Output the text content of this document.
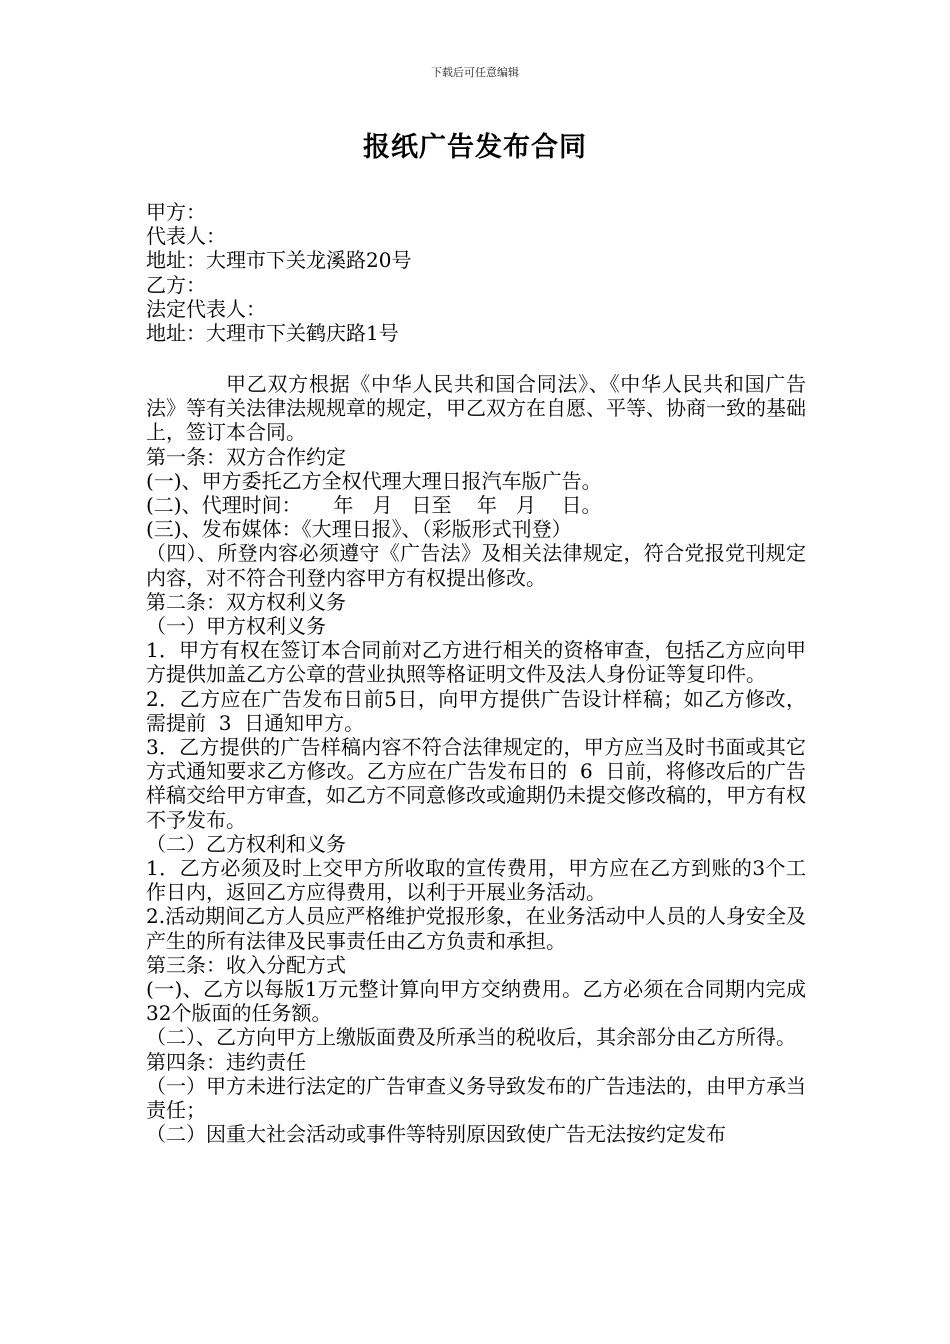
下载后可任意编辑
报纸广告发布合同

甲方：

代表人：

地址：大理市下关龙溪路20号

乙方：

法定代表人：

地址：大理市下关鹤庆路1号

甲乙双方根据《中华人民共和国合同法》、《中华人民共和国广告法》等有关法律法规规章的规定，甲乙双方在自愿、平等、协商一致的基础上，签订本合同。

第一条：双方合作约定

(一)、甲方委托乙方全权代理大理日报汽车版广告。

(二)、代理时间：     年   月   日至    年   月    日。

(三)、发布媒体：《大理日报》、（彩版形式刊登）

（四）、所登内容必须遵守《广告法》及相关法律规定，符合党报党刊规定内容，对不符合刊登内容甲方有权提出修改。

第二条：双方权利义务

（一）甲方权利义务

1．甲方有权在签订本合同前对乙方进行相关的资格审查，包括乙方应向甲方提供加盖乙方公章的营业执照等格证明文件及法人身份证等复印件。

2．乙方应在广告发布日前5日，向甲方提供广告设计样稿；如乙方修改，需提前  3  日通知甲方。

3．乙方提供的广告样稿内容不符合法律规定的，甲方应当及时书面或其它方式通知要求乙方修改。乙方应在广告发布日的  6  日前，将修改后的广告样稿交给甲方审查，如乙方不同意修改或逾期仍未提交修改稿的，甲方有权不予发布。

（二）乙方权利和义务

1．乙方必须及时上交甲方所收取的宣传费用，甲方应在乙方到账的3个工作日内，返回乙方应得费用，以利于开展业务活动。

2.活动期间乙方人员应严格维护党报形象，在业务活动中人员的人身安全及产生的所有法律及民事责任由乙方负责和承担。

第三条：收入分配方式

(一)、乙方以每版1万元整计算向甲方交纳费用。乙方必须在合同期内完成32个版面的任务额。

（二）、乙方向甲方上缴版面费及所承当的税收后，其余部分由乙方所得。

第四条：违约责任

（一）甲方未进行法定的广告审查义务导致发布的广告违法的，由甲方承当责任；

（二）因重大社会活动或事件等特别原因致使广告无法按约定发布
